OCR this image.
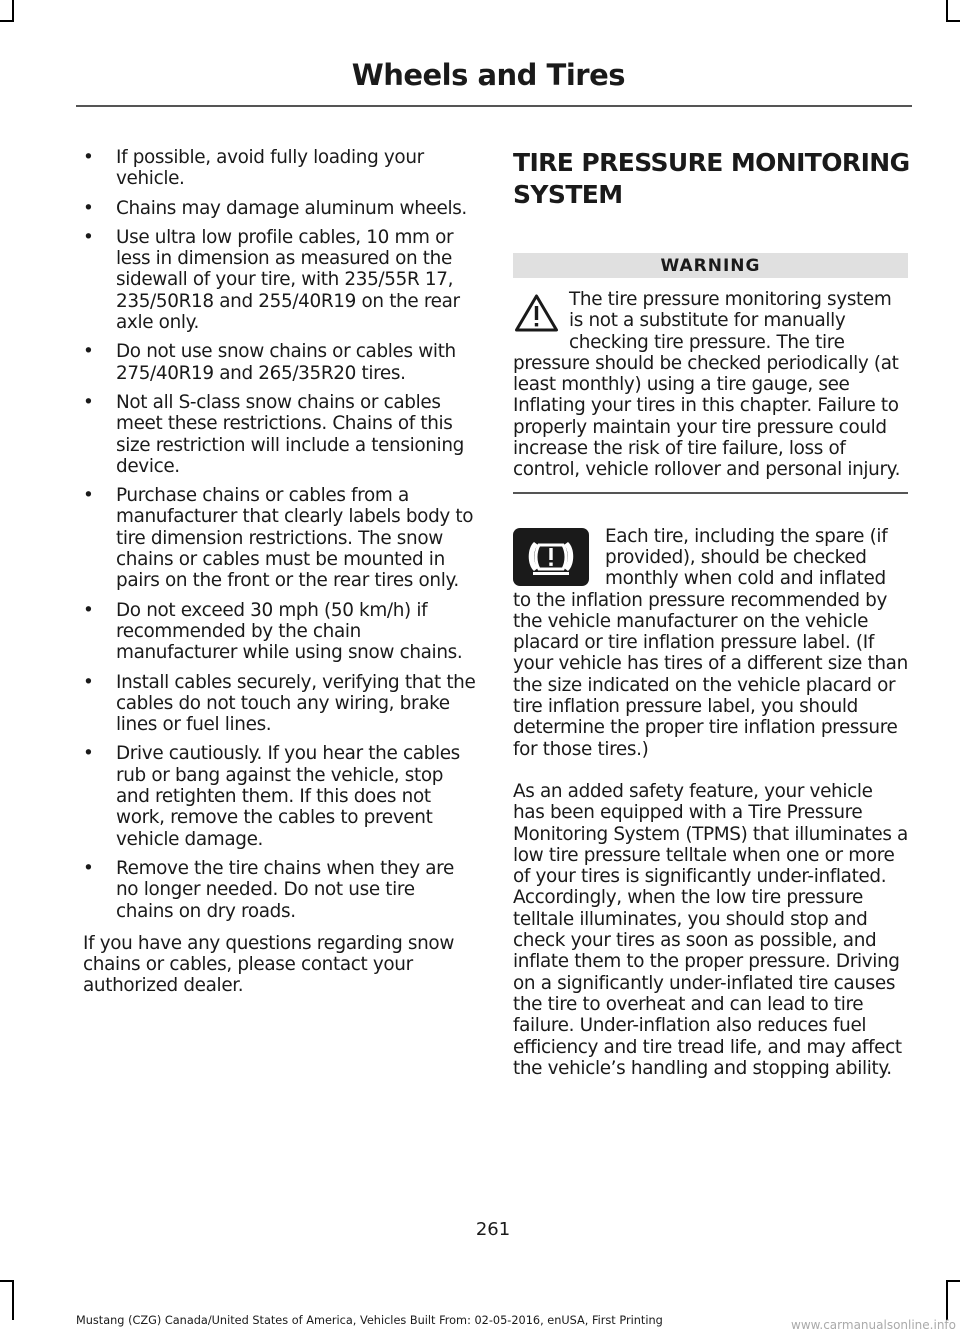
Wheels and Tires
• If possible, avoid fully loading your vehicle.
• Chains may damage aluminum wheels.
• Use ultra low profile cables, 10 mm or less in dimension as measured on the sidewall of your tire, with 235/55R 17, 235/50R18 and 255/40R19 on the rear axle only.
• Do not use snow chains or cables with 275/40R19 and 265/35R20 tires.
• Not all S-class snow chains or cables meet these restrictions. Chains of this size restriction will include a tensioning device.
• Purchase chains or cables from a manufacturer that clearly labels body to tire dimension restrictions. The snow chains or cables must be mounted in pairs on the front or the rear tires only.
• Do not exceed 30 mph (50 km/h) if recommended by the chain manufacturer while using snow chains.
• Install cables securely, verifying that the cables do not touch any wiring, brake lines or fuel lines.
• Drive cautiously. If you hear the cables rub or bang against the vehicle, stop and retighten them. If this does not work, remove the cables to prevent vehicle damage.
• Remove the tire chains when they are no longer needed. Do not use tire chains on dry roads.

If you have any questions regarding snow chains or cables, please contact your authorized dealer.

TIRE PRESSURE MONITORING
SYSTEM
WARNING

The tire pressure monitoring system is not a substitute for manually checking tire pressure. The tire pressure should be checked periodically (at least monthly) using a tire gauge, see Inflating your tires in this chapter. Failure to properly maintain your tire pressure could increase the risk of tire failure, loss of control, vehicle rollover and personal injury.

Each tire, including the spare (if provided), should be checked monthly when cold and inflated to the inflation pressure recommended by the vehicle manufacturer on the vehicle placard or tire inflation pressure label. (If your vehicle has tires of a different size than the size indicated on the vehicle placard or tire inflation pressure label, you should determine the proper tire inflation pressure for those tires.)

As an added safety feature, your vehicle has been equipped with a Tire Pressure Monitoring System (TPMS) that illuminates a low tire pressure telltale when one or more of your tires is significantly under-inflated. Accordingly, when the low tire pressure telltale illuminates, you should stop and check your tires as soon as possible, and inflate them to the proper pressure. Driving on a significantly under-inflated tire causes the tire to overheat and can lead to tire failure. Under-inflation also reduces fuel efficiency and tire tread life, and may affect the vehicle’s handling and stopping ability.

261
Mustang (CZG) Canada/United States of America, Vehicles Built From: 02-05-2016, enUSA, First Printing	www.carmanualsonline.info
